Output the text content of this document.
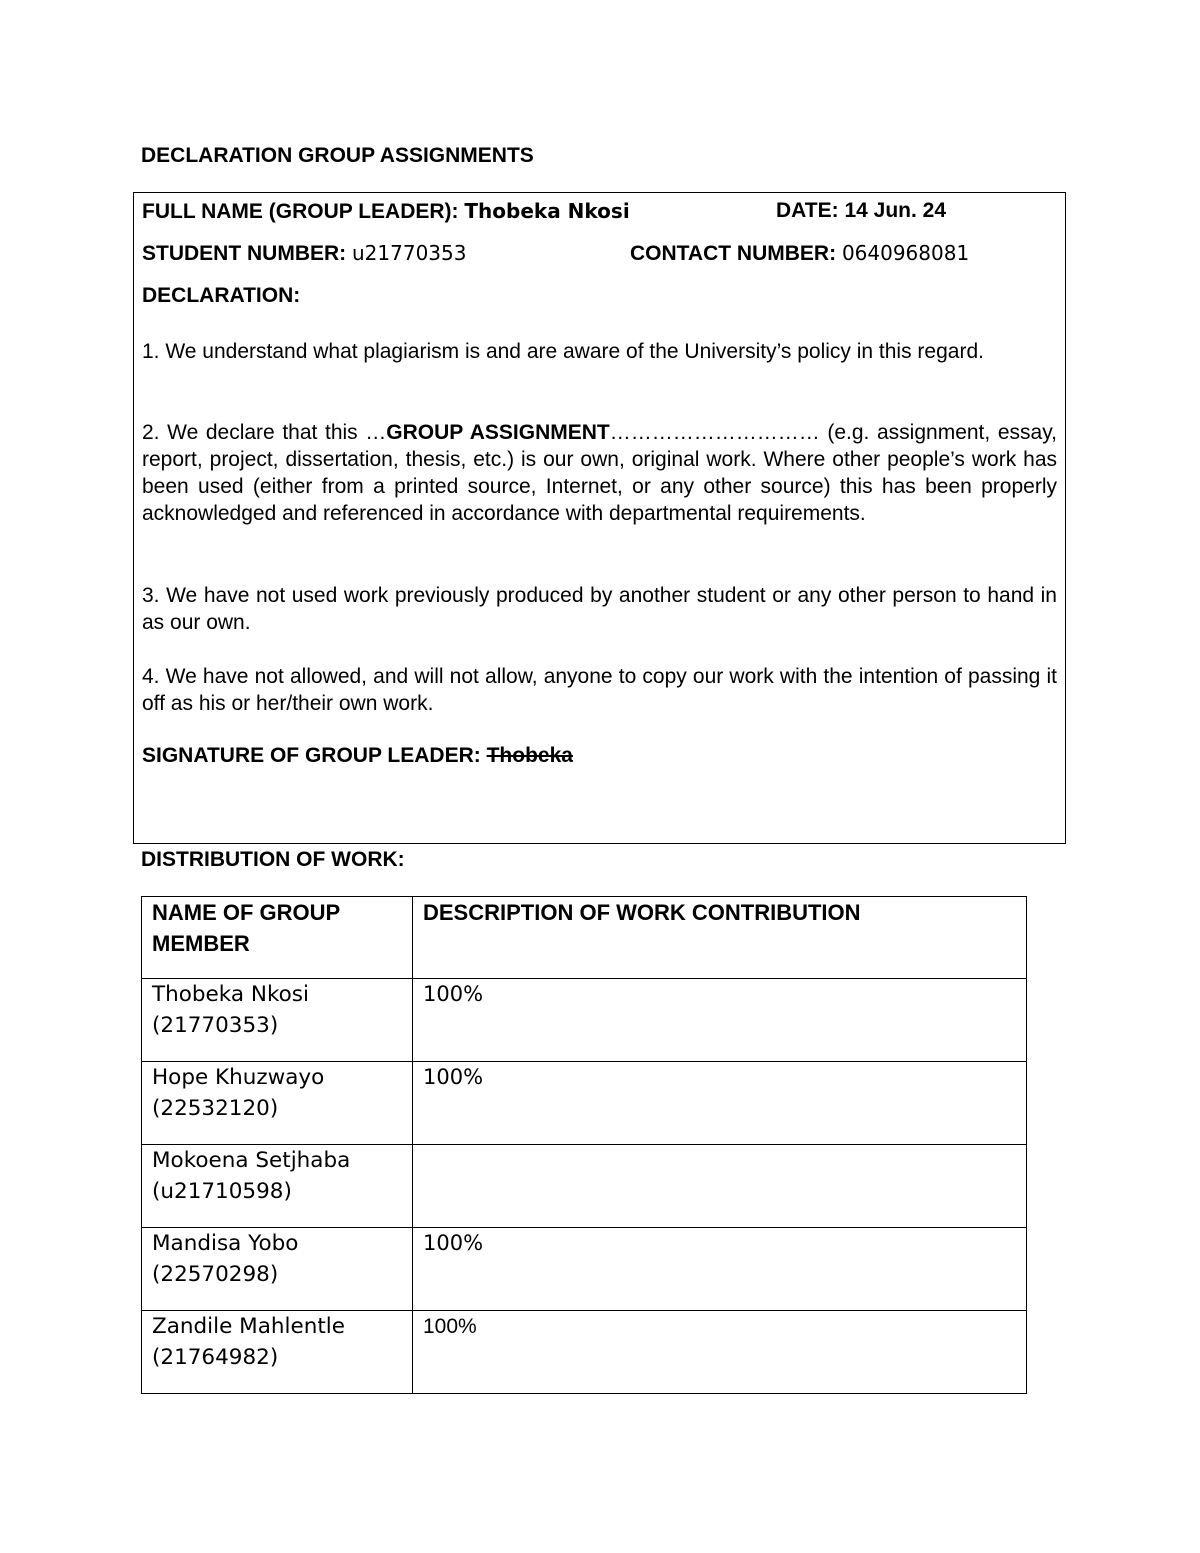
DECLARATION GROUP ASSIGNMENTS
FULL NAME (GROUP LEADER): Thobeka Nkosi	DATE: 14 Jun. 24
STUDENT NUMBER: u21770353	CONTACT NUMBER: 0640968081
DECLARATION:
1. We understand what plagiarism is and are aware of the University’s policy in this regard.
2. We declare that this …GROUP ASSIGNMENT………………………… (e.g. assignment, essay, report, project, dissertation, thesis, etc.) is our own, original work. Where other people’s work has been used (either from a printed source, Internet, or any other source) this has been properly acknowledged and referenced in accordance with departmental requirements.
3. We have not used work previously produced by another student or any other person to hand in as our own.
4. We have not allowed, and will not allow, anyone to copy our work with the intention of passing it off as his or her/their own work.
SIGNATURE OF GROUP LEADER: Thobeka
DISTRIBUTION OF WORK:
NAME OF GROUP MEMBER	DESCRIPTION OF WORK CONTRIBUTION

Thobeka Nkosi
(21770353)	100%

Hope Khuzwayo
(22532120)	100%

Mokoena Setjhaba
(u21710598)	

Mandisa Yobo
(22570298)	100%

Zandile Mahlentle
(21764982)	100%
